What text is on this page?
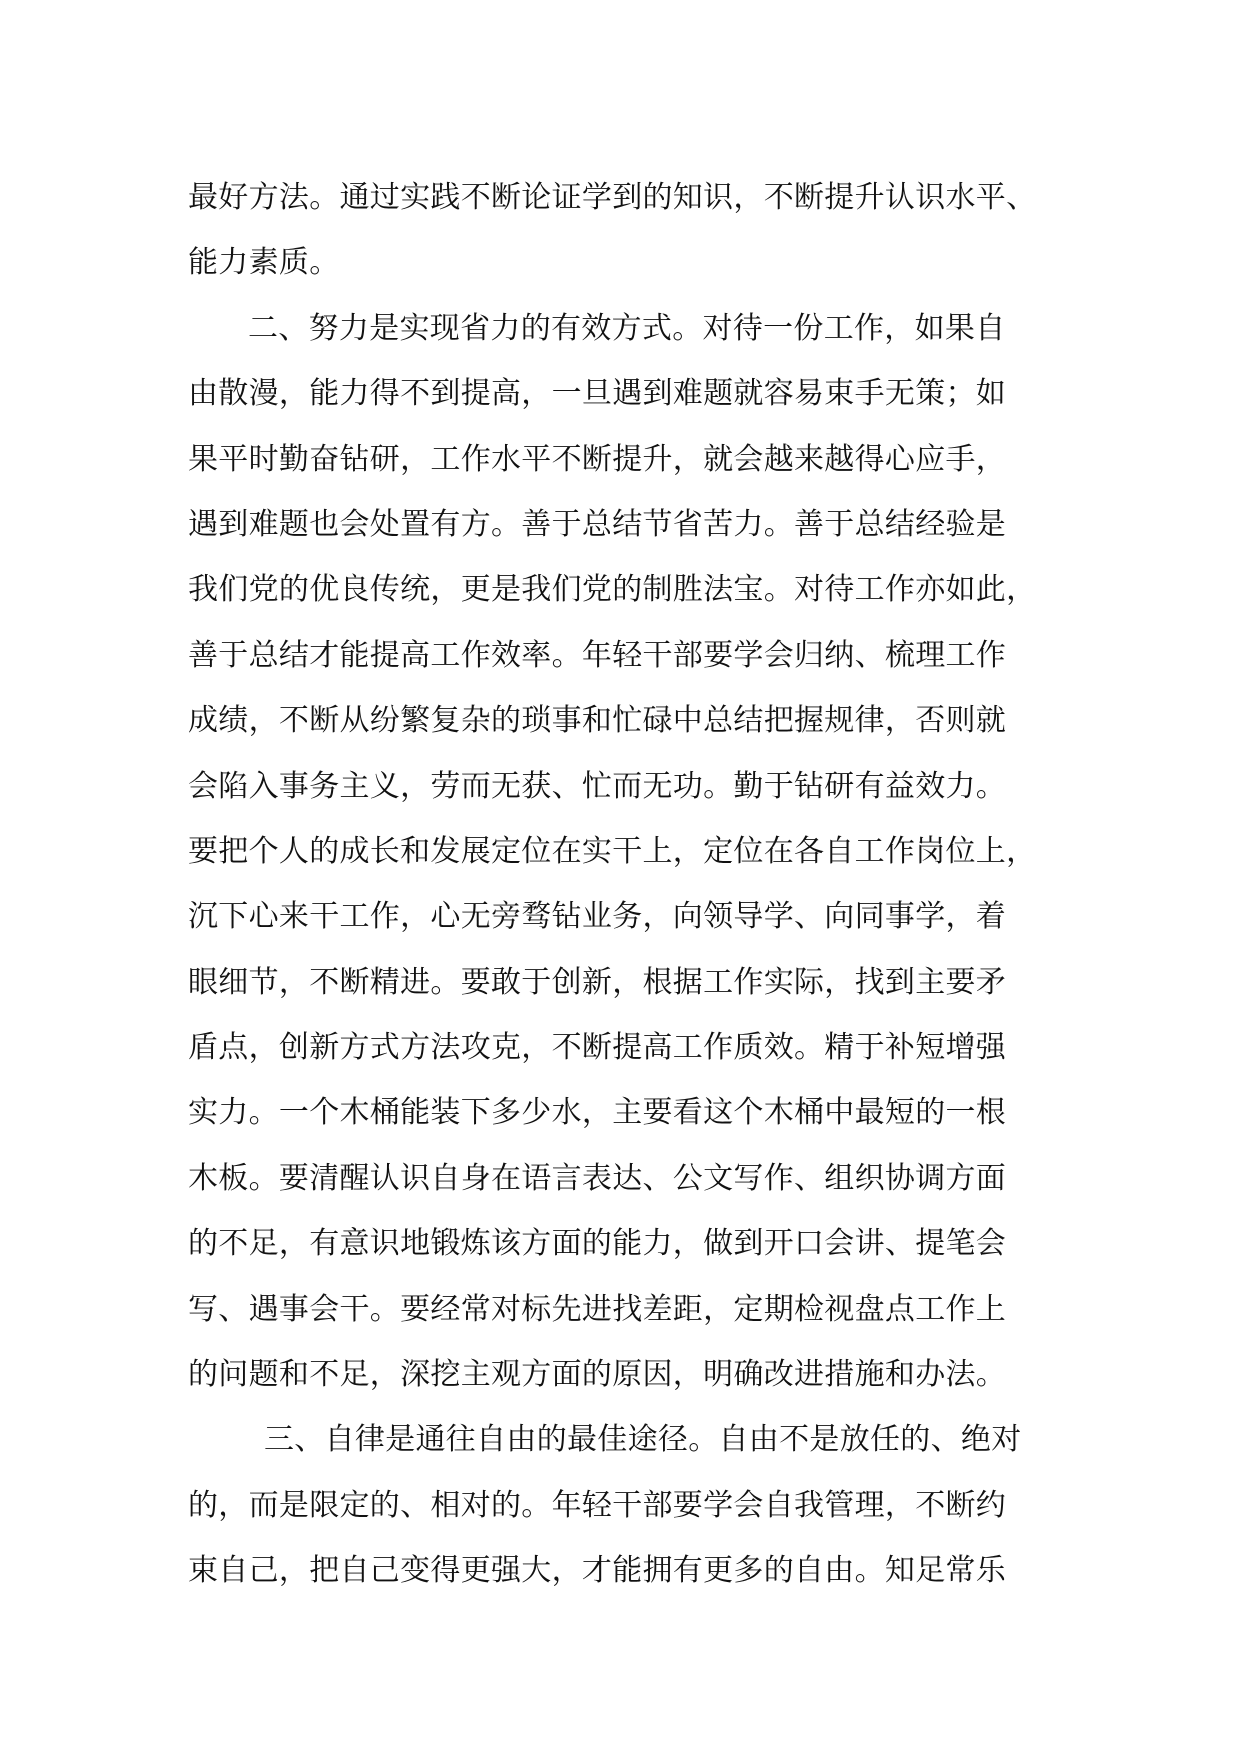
最好方法。通过实践不断论证学到的知识，不断提升认识水平、
能力素质。
二、努力是实现省力的有效方式。对待一份工作，如果自
由散漫，能力得不到提高，一旦遇到难题就容易束手无策；如
果平时勤奋钻研，工作水平不断提升，就会越来越得心应手，
遇到难题也会处置有方。善于总结节省苦力。善于总结经验是
我们党的优良传统，更是我们党的制胜法宝。对待工作亦如此，
善于总结才能提高工作效率。年轻干部要学会归纳、梳理工作
成绩，不断从纷繁复杂的琐事和忙碌中总结把握规律，否则就
会陷入事务主义，劳而无获、忙而无功。勤于钻研有益效力。
要把个人的成长和发展定位在实干上，定位在各自工作岗位上，
沉下心来干工作，心无旁骛钻业务，向领导学、向同事学，着
眼细节，不断精进。要敢于创新，根据工作实际，找到主要矛
盾点，创新方式方法攻克，不断提高工作质效。精于补短增强
实力。一个木桶能装下多少水，主要看这个木桶中最短的一根
木板。要清醒认识自身在语言表达、公文写作、组织协调方面
的不足，有意识地锻炼该方面的能力，做到开口会讲、提笔会
写、遇事会干。要经常对标先进找差距，定期检视盘点工作上
的问题和不足，深挖主观方面的原因，明确改进措施和办法。
三、自律是通往自由的最佳途径。自由不是放任的、绝对
的，而是限定的、相对的。年轻干部要学会自我管理，不断约
束自己，把自己变得更强大，才能拥有更多的自由。知足常乐
